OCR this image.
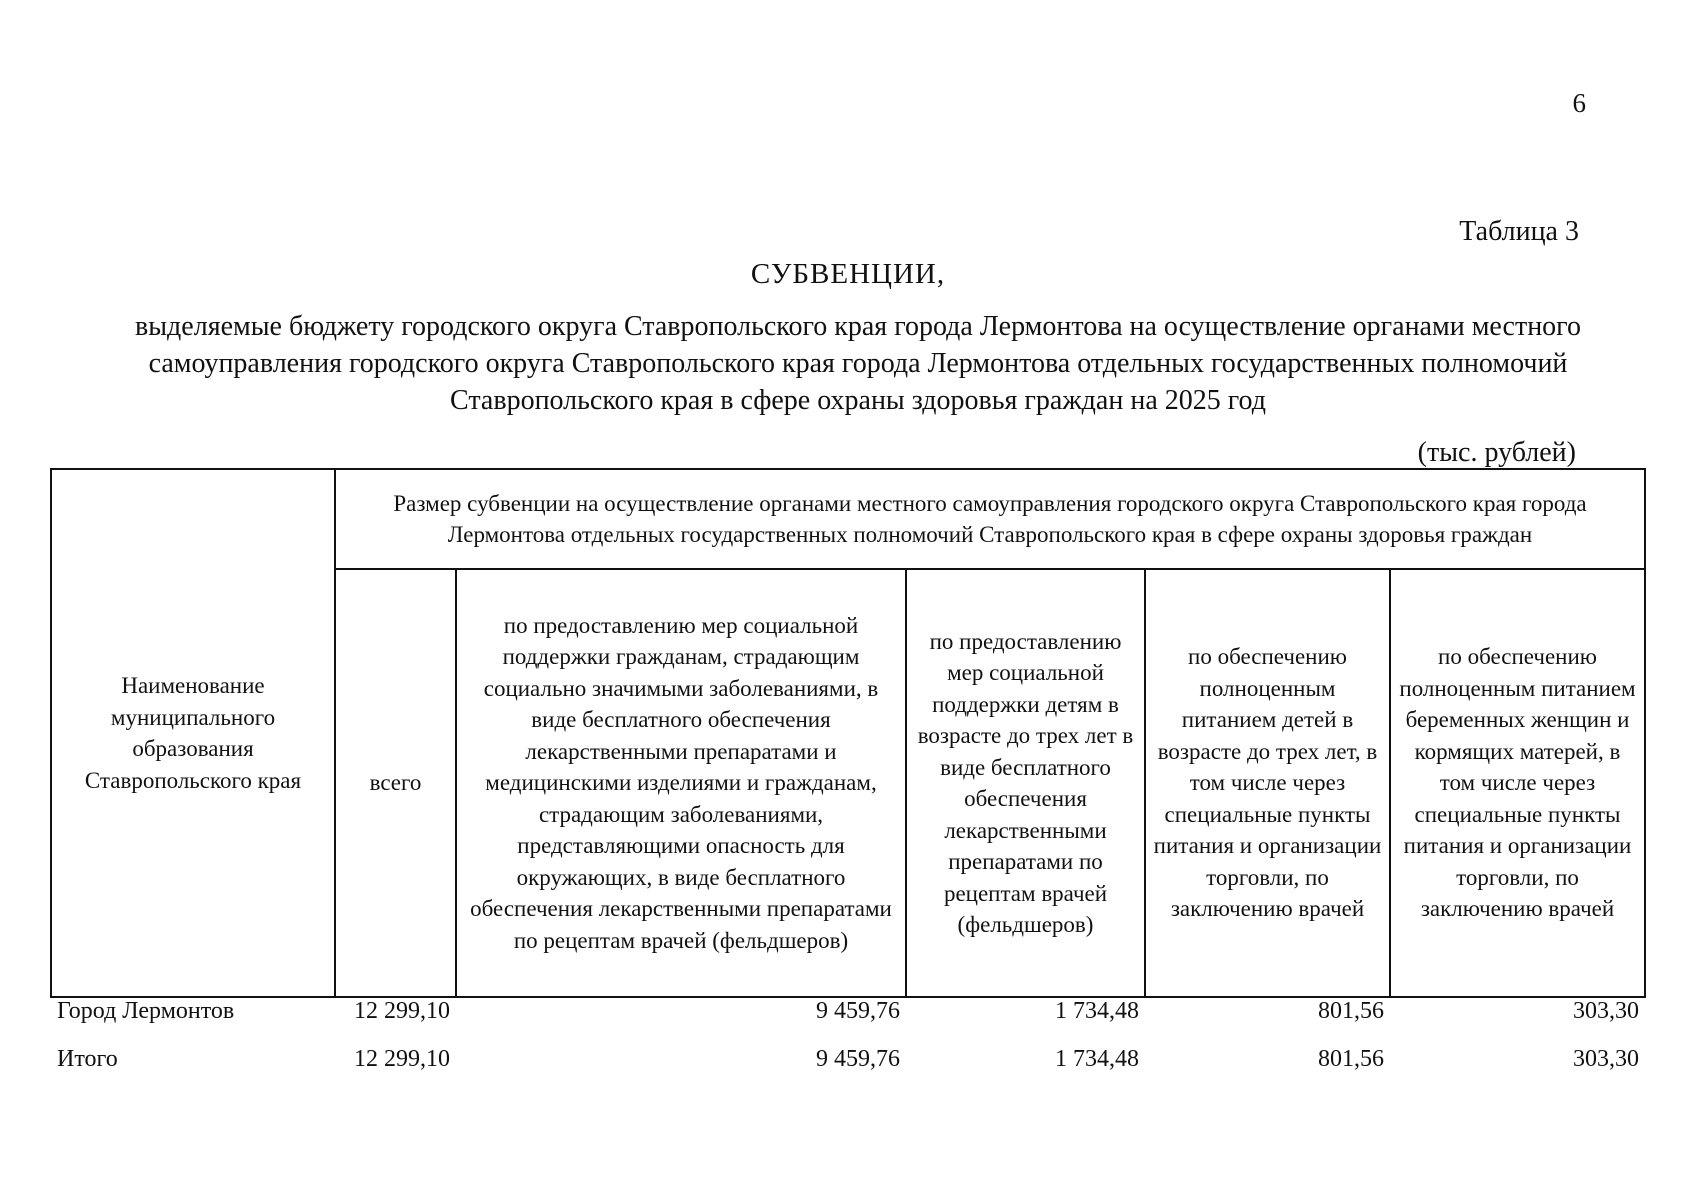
6
Таблица 3
СУБВЕНЦИИ,
выделяемые бюджету городского округа Ставропольского края города Лермонтова на осуществление органами местного
самоуправления городского округа Ставропольского края города Лермонтова отдельных государственных полномочий
Ставропольского края в сфере охраны здоровья граждан на 2025 год
(тыс. рублей)
Наименование муниципального образования Ставропольского края	Размер субвенции на осуществление органами местного самоуправления городского округа Ставропольского края города Лермонтова отдельных государственных полномочий Ставропольского края в сфере охраны здоровья граждан				
	всего	по предоставлению мер социальной поддержки гражданам, страдающим социально значимыми заболеваниями, в виде бесплатного обеспечения лекарственными препаратами и медицинскими изделиями и гражданам, страдающим заболеваниями, представляющими опасность для окружающих, в виде бесплатного обеспечения лекарственными препаратами по рецептам врачей (фельдшеров)	по предоставлению мер социальной поддержки детям в возрасте до трех лет в виде бесплатного обеспечения лекарственными препаратами по рецептам врачей (фельдшеров)	по обеспечению полноценным питанием детей в возрасте до трех лет, в том числе через специальные пункты питания и организации торговли, по заключению врачей	по обеспечению полноценным питанием беременных женщин и кормящих матерей, в том числе через специальные пункты питания и организации торговли, по заключению врачей
Город Лермонтов	12 299,10	9 459,76	1 734,48	801,56	303,30
Итого	12 299,10	9 459,76	1 734,48	801,56	303,30
